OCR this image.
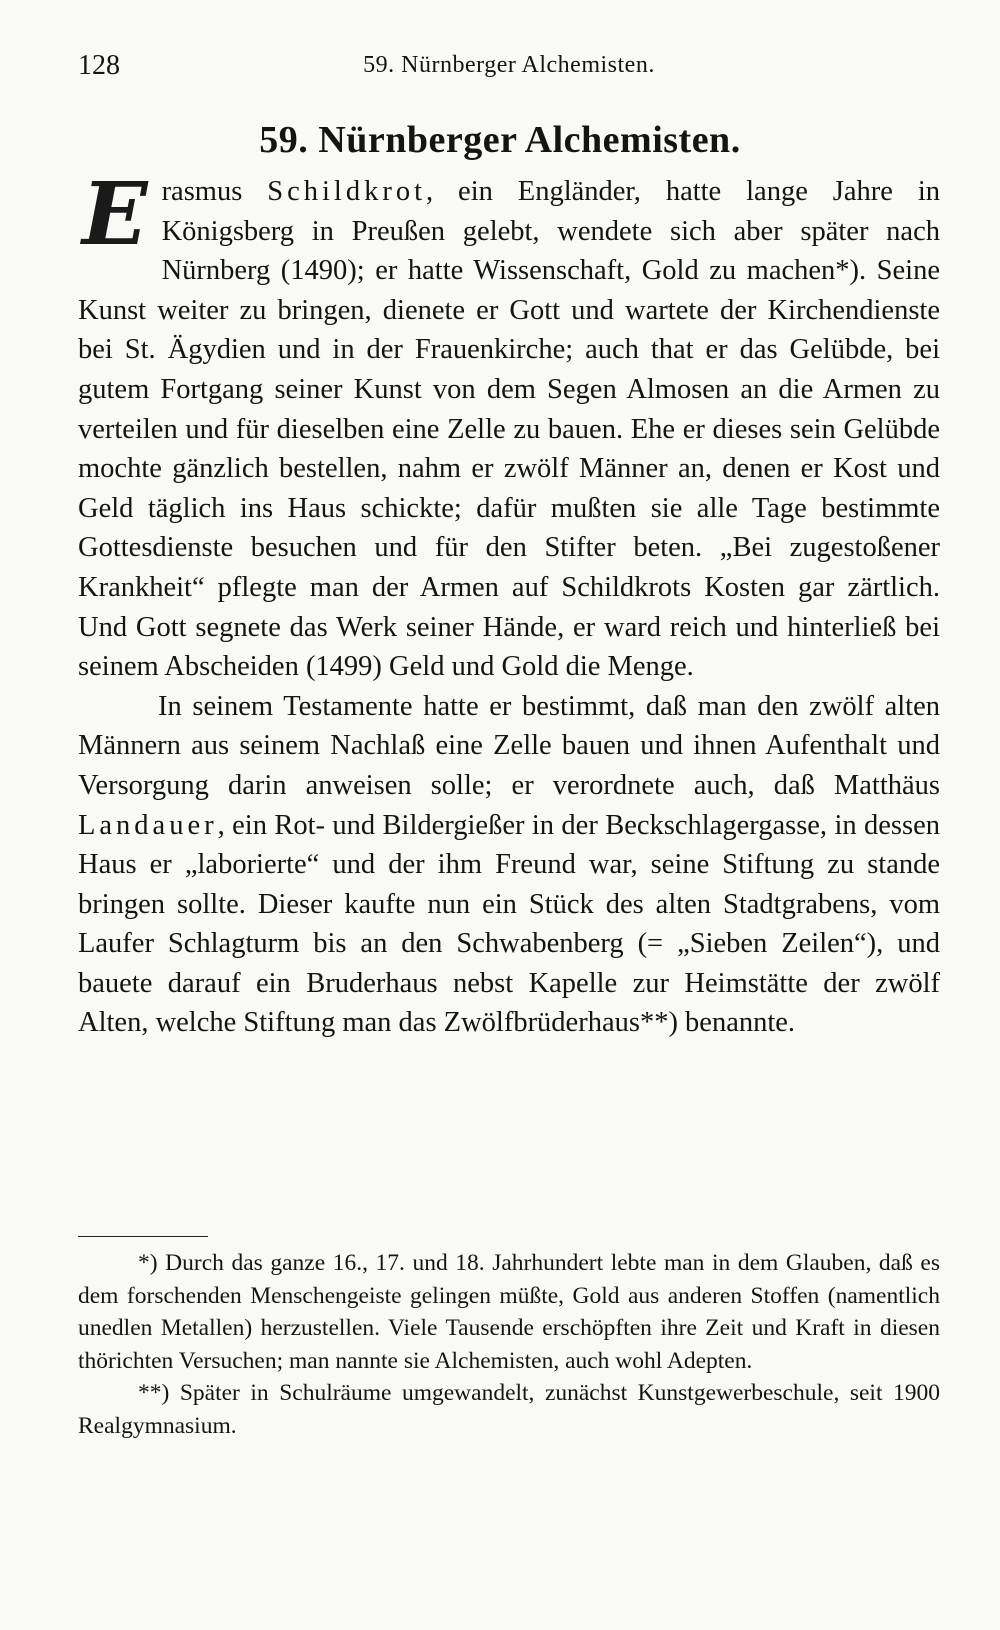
128	59. Nürnberger Alchemisten.
59. Nürnberger Alchemisten.

Erasmus Schildkrot, ein Engländer, hatte lange Jahre in Königsberg in Preußen gelebt, wendete sich aber später nach Nürnberg (1490); er hatte Wissenschaft, Gold zu machen*). Seine Kunst weiter zu bringen, dienete er Gott und wartete der Kirchendienste bei St. Ägydien und in der Frauenkirche; auch that er das Gelübde, bei gutem Fortgang seiner Kunst von dem Segen Almosen an die Armen zu verteilen und für dieselben eine Zelle zu bauen. Ehe er dieses sein Gelübde mochte gänzlich bestellen, nahm er zwölf Männer an, denen er Kost und Geld täglich ins Haus schickte; dafür mußten sie alle Tage bestimmte Gottesdienste besuchen und für den Stifter beten. „Bei zugestoßener Krankheit“ pflegte man der Armen auf Schildkrots Kosten gar zärtlich. Und Gott segnete das Werk seiner Hände, er ward reich und hinterließ bei seinem Abscheiden (1499) Geld und Gold die Menge.

In seinem Testamente hatte er bestimmt, daß man den zwölf alten Männern aus seinem Nachlaß eine Zelle bauen und ihnen Aufenthalt und Versorgung darin anweisen solle; er verordnete auch, daß Matthäus Landauer, ein Rot- und Bildergießer in der Beckschlagergasse, in dessen Haus er „laborierte“ und der ihm Freund war, seine Stiftung zu stande bringen sollte. Dieser kaufte nun ein Stück des alten Stadtgrabens, vom Laufer Schlagturm bis an den Schwabenberg (= „Sieben Zeilen“), und bauete darauf ein Bruderhaus nebst Kapelle zur Heimstätte der zwölf Alten, welche Stiftung man das Zwölfbrüderhaus**) benannte.

*) Durch das ganze 16., 17. und 18. Jahrhundert lebte man in dem Glauben, daß es dem forschenden Menschengeiste gelingen müßte, Gold aus anderen Stoffen (namentlich unedlen Metallen) herzustellen. Viele Tausende erschöpften ihre Zeit und Kraft in diesen thörichten Versuchen; man nannte sie Alchemisten, auch wohl Adepten.

**) Später in Schulräume umgewandelt, zunächst Kunstgewerbeschule, seit 1900 Realgymnasium.
